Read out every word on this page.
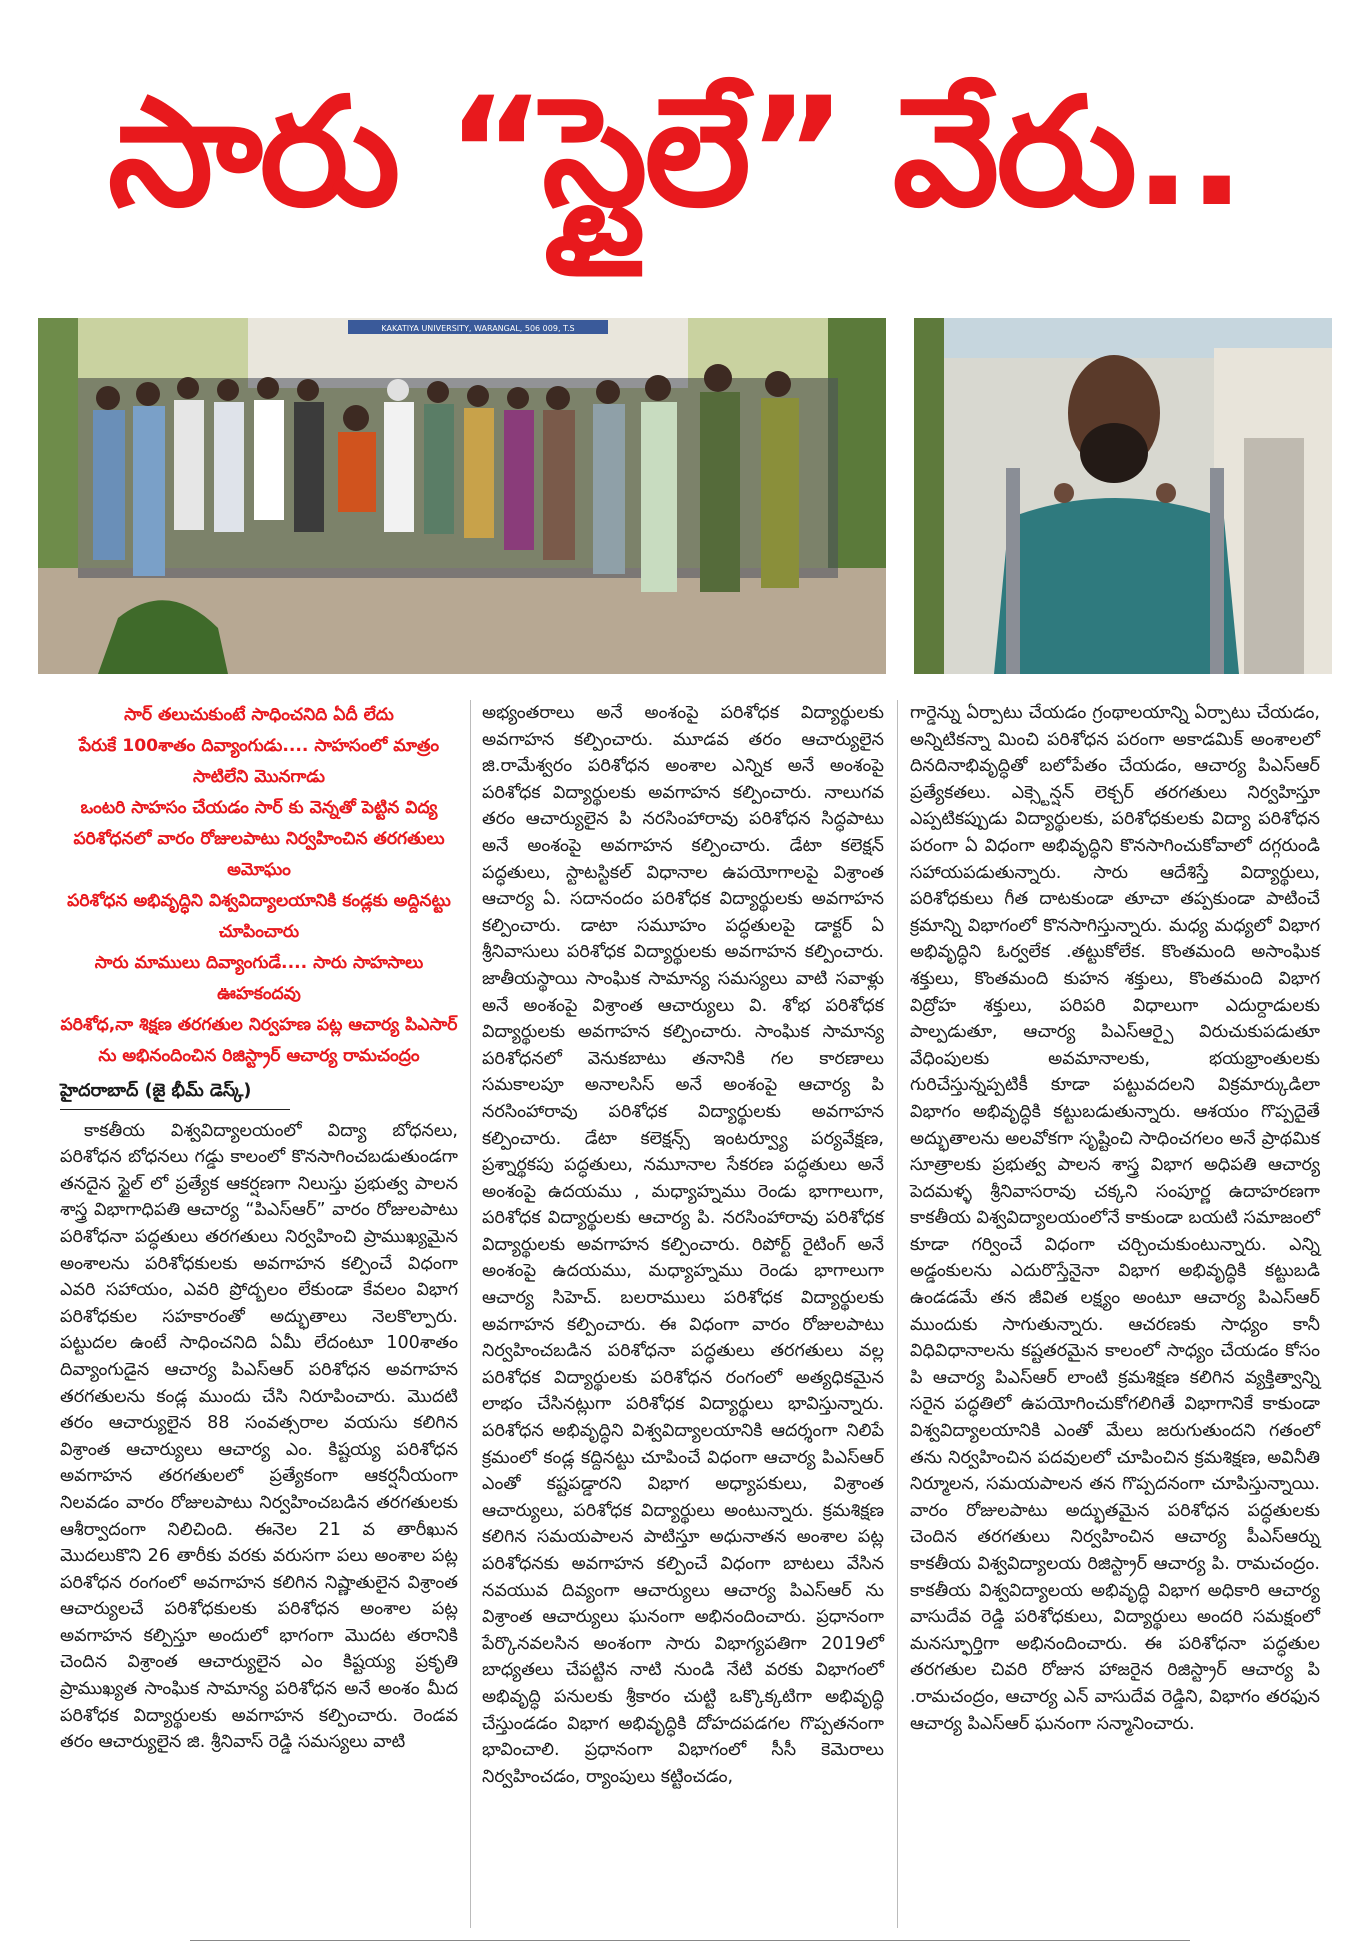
సారు “స్టైలే” వేరు..
KAKATIYA UNIVERSITY, WARANGAL, 506 009, T.S

సార్ తలుచుకుంటే సాధించనిది ఏదీ లేదు

పేరుకే 100శాతం దివ్యాంగుడు.... సాహసంలో మాత్రం సాటిలేని మొనగాడు

ఒంటరి సాహసం చేయడం సార్ కు వెన్నతో పెట్టిన విద్య

పరిశోధనలో వారం రోజులపాటు నిర్వహించిన తరగతులు అమోఘం

పరిశోధన అభివృద్ధిని విశ్వవిద్యాలయానికి కండ్లకు అద్దినట్టు చూపించారు

సారు మాములు దివ్యాంగుడే.... సారు సాహసాలు ఊహకందవు

పరిశోధ,నా శిక్షణ తరగతుల నిర్వహణ పట్ల ఆచార్య పిఎసార్ ను అభినందించిన రిజిస్ట్రార్ ఆచార్య రామచంద్రం

హైదరాబాద్ (జై భీమ్ డెస్క్)

కాకతీయ విశ్వవిద్యాలయంలో విద్యా బోధనలు, పరిశోధన బోధనలు గడ్డు కాలంలో కొనసాగించబడుతుండగా తనదైన స్టైల్ లో ప్రత్యేక ఆకర్షణగా నిలుస్తు ప్రభుత్వ పాలన శాస్త్ర విభాగాధిపతి ఆచార్య “పిఎస్ఆర్” వారం రోజులపాటు పరిశోధనా పద్ధతులు తరగతులు నిర్వహించి ప్రాముఖ్యమైన అంశాలను పరిశోధకులకు అవగాహన కల్పించే విధంగా ఎవరి సహాయం, ఎవరి ప్రోద్బలం లేకుండా కేవలం విభాగ పరిశోధకుల సహకారంతో అద్భుతాలు నెలకొల్పారు. పట్టుదల ఉంటే సాధించనిది ఏమీ లేదంటూ 100శాతం దివ్యాంగుడైన ఆచార్య పిఎస్ఆర్ పరిశోధన అవగాహన తరగతులను కండ్ల ముందు చేసి నిరూపించారు. మొదటి తరం ఆచార్యులైన 88 సంవత్సరాల వయసు కలిగిన విశ్రాంత ఆచార్యులు ఆచార్య ఎం. కిష్టయ్య పరిశోధన అవగాహన తరగతులలో ప్రత్యేకంగా ఆకర్షనీయంగా నిలవడం వారం రోజులపాటు నిర్వహించబడిన తరగతులకు ఆశీర్వాదంగా నిలిచింది. ఈనెల 21 వ తారీఖున మొదలుకొని 26 తారీకు వరకు వరుసగా పలు అంశాల పట్ల పరిశోధన రంగంలో అవగాహన కలిగిన నిష్ణాతులైన విశ్రాంత ఆచార్యులచే పరిశోధకులకు పరిశోధన అంశాల పట్ల అవగాహన కల్పిస్తూ అందులో భాగంగా మొదట తరానికి చెందిన విశ్రాంత ఆచార్యులైన ఎం కిష్టయ్య ప్రకృతి ప్రాముఖ్యత సాంఘిక సామాన్య పరిశోధన అనే అంశం మీద పరిశోధక విద్యార్థులకు అవగాహన కల్పించారు. రెండవ తరం ఆచార్యులైన జి. శ్రీనివాస్ రెడ్డి సమస్యలు వాటి

అభ్యంతరాలు అనే అంశంపై పరిశోధక విద్యార్థులకు అవగాహన కల్పించారు. మూడవ తరం ఆచార్యులైన జి.రామేశ్వరం పరిశోధన అంశాల ఎన్నిక అనే అంశంపై పరిశోధక విద్యార్థులకు అవగాహన కల్పించారు. నాలుగవ తరం ఆచార్యులైన పి నరసింహారావు పరిశోధన సిద్ధపాటు అనే అంశంపై అవగాహన కల్పించారు. డేటా కలెక్షన్ పద్ధతులు, స్టాటస్టికల్ విధానాల ఉపయోగాలపై విశ్రాంత ఆచార్య ఏ. సదానందం పరిశోధక విద్యార్థులకు అవగాహన కల్పించారు. డాటా సమూహం పద్ధతులపై డాక్టర్ ఏ శ్రీనివాసులు పరిశోధక విద్యార్థులకు అవగాహన కల్పించారు. జాతీయస్థాయి సాంఘిక సామాన్య సమస్యలు వాటి సవాళ్లు అనే అంశంపై విశ్రాంత ఆచార్యులు వి. శోభ పరిశోధక విద్యార్థులకు అవగాహన కల్పించారు. సాంఘిక సామాన్య పరిశోధనలో వెనుకబాటు తనానికి గల కారణాలు సమకాలపూ అనాలసిస్ అనే అంశంపై ఆచార్య పి నరసింహారావు పరిశోధక విద్యార్థులకు అవగాహన కల్పించారు. డేటా కలెక్షన్స్ ఇంటర్వ్యూ పర్యవేక్షణ, ప్రశ్నార్థకపు పద్ధతులు, నమూనాల సేకరణ పద్ధతులు అనే అంశంపై ఉదయము , మధ్యాహ్నము రెండు భాగాలుగా, పరిశోధక విద్యార్థులకు ఆచార్య పి. నరసింహారావు పరిశోధక విద్యార్థులకు అవగాహన కల్పించారు. రిపోర్ట్ రైటింగ్ అనే అంశంపై ఉదయము, మధ్యాహ్నము రెండు భాగాలుగా ఆచార్య సిహెచ్. బలరాములు పరిశోధక విద్యార్థులకు అవగాహన కల్పించారు. ఈ విధంగా వారం రోజులపాటు నిర్వహించబడిన పరిశోధనా పద్ధతులు తరగతులు వల్ల పరిశోధక విద్యార్థులకు పరిశోధన రంగంలో అత్యధికమైన లాభం చేసినట్లుగా పరిశోధక విద్యార్థులు భావిస్తున్నారు. పరిశోధన అభివృద్ధిని విశ్వవిద్యాలయానికి ఆదర్శంగా నిలిపే క్రమంలో కండ్ల కద్దినట్టు చూపించే విధంగా ఆచార్య పిఎస్ఆర్ ఎంతో కష్టపడ్డారని విభాగ అధ్యాపకులు, విశ్రాంత ఆచార్యులు, పరిశోధక విద్యార్థులు అంటున్నారు. క్రమశిక్షణ కలిగిన సమయపాలన పాటిస్తూ అధునాతన అంశాల పట్ల పరిశోధనకు అవగాహన కల్పించే విధంగా బాటలు వేసిన నవయువ దివ్యంగా ఆచార్యులు ఆచార్య పిఎస్ఆర్ ను విశ్రాంత ఆచార్యులు ఘనంగా అభినందించారు. ప్రధానంగా పేర్కొనవలసిన అంశంగా సారు విభాగ్యపతిగా 2019లో బాధ్యతలు చేపట్టిన నాటి నుండి నేటి వరకు విభాగంలో అభివృద్ధి పనులకు శ్రీకారం చుట్టి ఒక్కొక్కటిగా అభివృద్ధి చేస్తుండడం విభాగ అభివృద్ధికి దోహదపడగల గొప్పతనంగా భావించాలి. ప్రధానంగా విభాగంలో సీసీ కెమెరాలు నిర్వహించడం, ర్యాంపులు కట్టించడం,

గార్డెన్ను ఏర్పాటు చేయడం గ్రంథాలయాన్ని ఏర్పాటు చేయడం, అన్నిటికన్నా మించి పరిశోధన పరంగా అకాడమిక్ అంశాలలో దినదినాభివృద్ధితో బలోపేతం చేయడం, ఆచార్య పిఎస్ఆర్ ప్రత్యేకతలు. ఎక్స్టెన్షన్ లెక్చర్ తరగతులు నిర్వహిస్తూ ఎప్పటికప్పుడు విద్యార్థులకు, పరిశోధకులకు విద్యా పరిశోధన పరంగా ఏ విధంగా అభివృద్ధిని కొనసాగించుకోవాలో దగ్గరుండి సహాయపడుతున్నారు. సారు ఆదేశిస్తే విద్యార్థులు, పరిశోధకులు గీత దాటకుండా తూచా తప్పకుండా పాటించే క్రమాన్ని విభాగంలో కొనసాగిస్తున్నారు. మధ్య మధ్యలో విభాగ అభివృద్ధిని ఓర్వలేక .తట్టుకోలేక. కొంతమంది అసాంఘిక శక్తులు, కొంతమంది కుహన శక్తులు, కొంతమంది విభాగ విద్రోహ శక్తులు, పరిపరి విధాలుగా ఎదుర్దాడులకు పాల్పడుతూ, ఆచార్య పిఎస్ఆర్పై విరుచుకుపడుతూ వేధింపులకు అవమానాలకు, భయభ్రాంతులకు గురిచేస్తున్నప్పటికీ కూడా పట్టువదలని విక్రమార్కుడిలా విభాగం అభివృద్ధికి కట్టుబడుతున్నారు. ఆశయం గొప్పదైతే అద్భుతాలను అలవోకగా సృష్టించి సాధించగలం అనే ప్రాథమిక సూత్రాలకు ప్రభుత్వ పాలన శాస్త్ర విభాగ అధిపతి ఆచార్య పెదమళ్ళ శ్రీనివాసరావు చక్కని సంపూర్ణ ఉదాహరణగా కాకతీయ విశ్వవిద్యాలయంలోనే కాకుండా బయటి సమాజంలో కూడా గర్వించే విధంగా చర్చించుకుంటున్నారు. ఎన్ని అడ్డంకులను ఎదురొస్తేనైనా విభాగ అభివృద్ధికి కట్టుబడి ఉండడమే తన జీవిత లక్ష్యం అంటూ ఆచార్య పిఎస్ఆర్ ముందుకు సాగుతున్నారు. ఆచరణకు సాధ్యం కానీ విధివిధానాలను కష్టతరమైన కాలంలో సాధ్యం చేయడం కోసం పి ఆచార్య పిఎస్ఆర్ లాంటి క్రమశిక్షణ కలిగిన వ్యక్తిత్వాన్ని సరైన పద్ధతిలో ఉపయోగించుకోగలిగితే విభాగానికే కాకుండా విశ్వవిద్యాలయానికి ఎంతో మేలు జరుగుతుందని గతంలో తను నిర్వహించిన పదవులలో చూపించిన క్రమశిక్షణ, అవినీతి నిర్మూలన, సమయపాలన తన గొప్పదనంగా చూపిస్తున్నాయి. వారం రోజులపాటు అద్భుతమైన పరిశోధన పద్ధతులకు చెందిన తరగతులు నిర్వహించిన ఆచార్య పీఎస్ఆర్ను కాకతీయ విశ్వవిద్యాలయ రిజిస్ట్రార్ ఆచార్య పి. రామచంద్రం. కాకతీయ విశ్వవిద్యాలయ అభివృద్ధి విభాగ అధికారి ఆచార్య వాసుదేవ రెడ్డి పరిశోధకులు, విద్యార్థులు అందరి సమక్షంలో మనస్ఫూర్తిగా అభినందించారు. ఈ పరిశోధనా పద్ధతుల తరగతుల చివరి రోజున హాజరైన రిజిస్ట్రార్ ఆచార్య పి .రామచంద్రం, ఆచార్య ఎన్ వాసుదేవ రెడ్డిని, విభాగం తరఫున ఆచార్య పిఎస్ఆర్ ఘనంగా సన్మానించారు.
